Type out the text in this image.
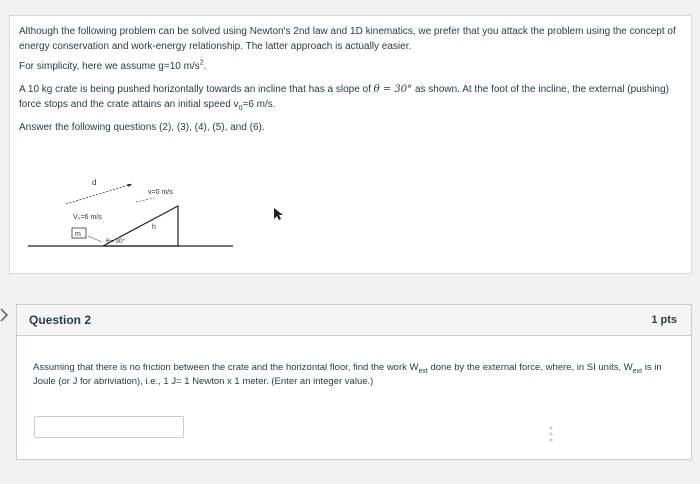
Although the following problem can be solved using Newton's 2nd law and 1D kinematics, we prefer that you attack the problem using the concept of energy conservation and work-energy relationship. The latter approach is actually easier.

For simplicity, here we assume g=10 $m/s^2$.

A 10 kg crate is being pushed horizontally towards an incline that has a slope of θ = 30° as shown. At the foot of the incline, the external (pushing) force stops and the crate attains an initial speed $v_0=6$ m/s.

Answer the following questions (2), (3), (4), (5), and (6).

d
v=0 m/s
V₀=6 m/s
m
h
θ= 30°
Question 2	1 pts
Assuming that there is no friction between the crate and the horizontal floor, find the work $W_{ext}$ done by the external force, where, in SI units, $W_{ext}$ is in Joule (or J for abriviation), i.e., 1 J= 1 Newton x 1 meter. (Enter an integer value.)
